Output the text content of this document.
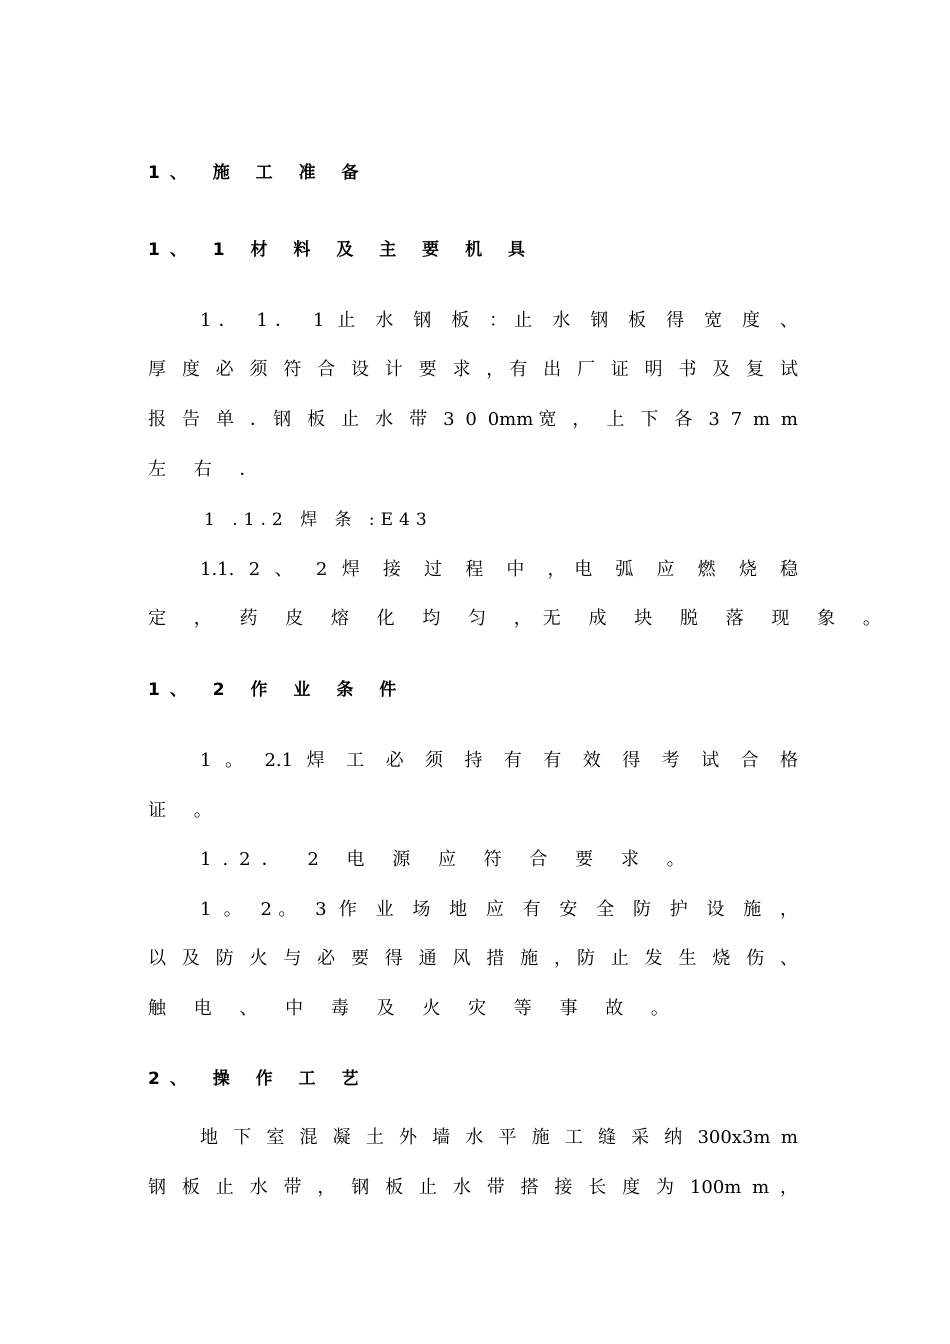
1、 施 工 准 备
1、 1 材 料 及 主 要 机 具
1． 1． 1 止 水 钢 板 ：止 水 钢 板 得 宽 度 、
厚 度 必 须 符 合 设 计 要 求 ，有 出 厂 证 明 书 及 复 试
报 告 单 ．钢 板 止 水 带 3 0 0mm宽 ， 上 下 各 3 7 m m
左 右 ．
1 .1.2 焊 条 :E43
1.1. 2 、 2 焊 接 过 程 中 ，电 弧 应 燃 烧 稳
定 ， 药 皮 熔 化 均 匀 ，无 成 块 脱 落 现 象 。
1、 2 作 业 条 件
1 。 2.1 焊 工 必 须 持 有 有 效 得 考 试 合 格
证 。
1.2． 2 电 源 应 符 合 要 求 。
1 。 2。 3 作 业 场 地 应 有 安 全 防 护 设 施 ，
以 及 防 火 与 必 要 得 通 风 措 施 ，防 止 发 生 烧 伤 、
触 电 、 中 毒 及 火 灾 等 事 故 。
2、 操 作 工 艺
地 下 室 混 凝 土 外 墙 水 平 施 工 缝 采 纳 300x3m m
钢 板 止 水 带 ， 钢 板 止 水 带 搭 接 长 度 为 100m m ，
